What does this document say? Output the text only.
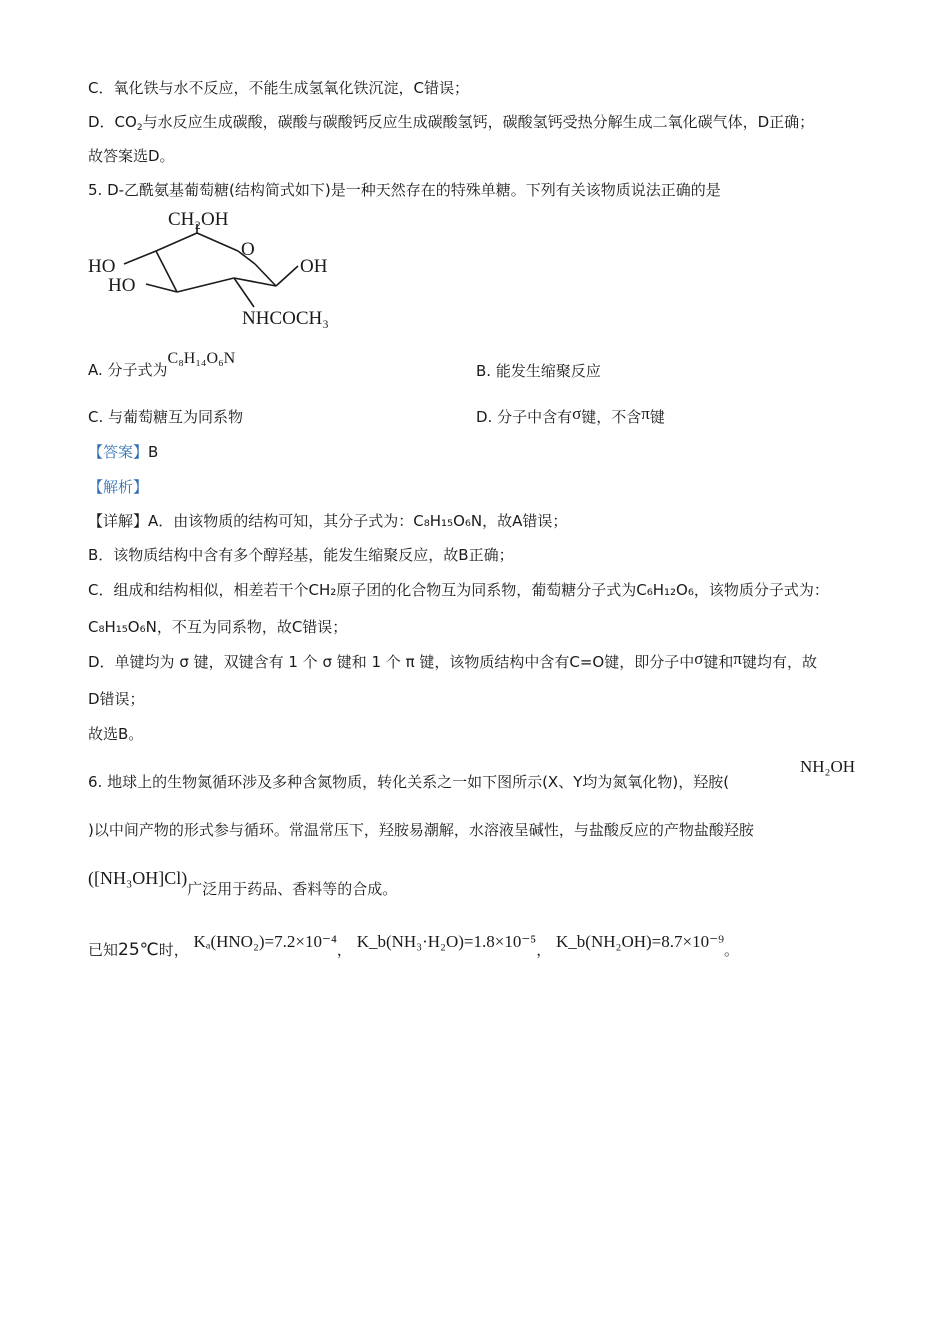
C．氧化铁与水不反应，不能生成氢氧化铁沉淀，C错误；
D．$CO_2$与水反应生成碳酸，碳酸与碳酸钙反应生成碳酸氢钙，碳酸氢钙受热分解生成二氧化碳气体，D正确；
故答案选D。
5. D-乙酰氨基葡萄糖(结构简式如下)是一种天然存在的特殊单糖。下列有关该物质说法正确的是
CH₂OH
O
HO
HO
OH
NHCOCH₃
A. 分子式为C₈H₁₄O₆N
B. 能发生缩聚反应
C. 与葡萄糖互为同系物	D. 分子中含有σ键，不含π键
【答案】B
【解析】
【详解】A．由该物质的结构可知，其分子式为：C₈H₁₅O₆N，故A错误；
B．该物质结构中含有多个醇羟基，能发生缩聚反应，故B正确；
C．组成和结构相似，相差若干个CH₂原子团的化合物互为同系物，葡萄糖分子式为C₆H₁₂O₆，该物质分子式为：
C₈H₁₅O₆N，不互为同系物，故C错误；
D．单键均为 σ 键，双键含有 1 个 σ 键和 1 个 π 键，该物质结构中含有C=O键，即分子中σ键和π键均有，故
D错误；
故选B。
6. 地球上的生物氮循环涉及多种含氮物质，转化关系之一如下图所示(X、Y均为氮氧化物)，羟胺(
NH₂OH
)以中间产物的形式参与循环。常温常压下，羟胺易潮解，水溶液呈碱性，与盐酸反应的产物盐酸羟胺
([NH₃OH]Cl)广泛用于药品、香料等的合成。
已知25℃时， Kₐ(HNO₂)=7.2×10⁻⁴， K_b(NH₃·H₂O)=1.8×10⁻⁵， K_b(NH₂OH)=8.7×10⁻⁹。
